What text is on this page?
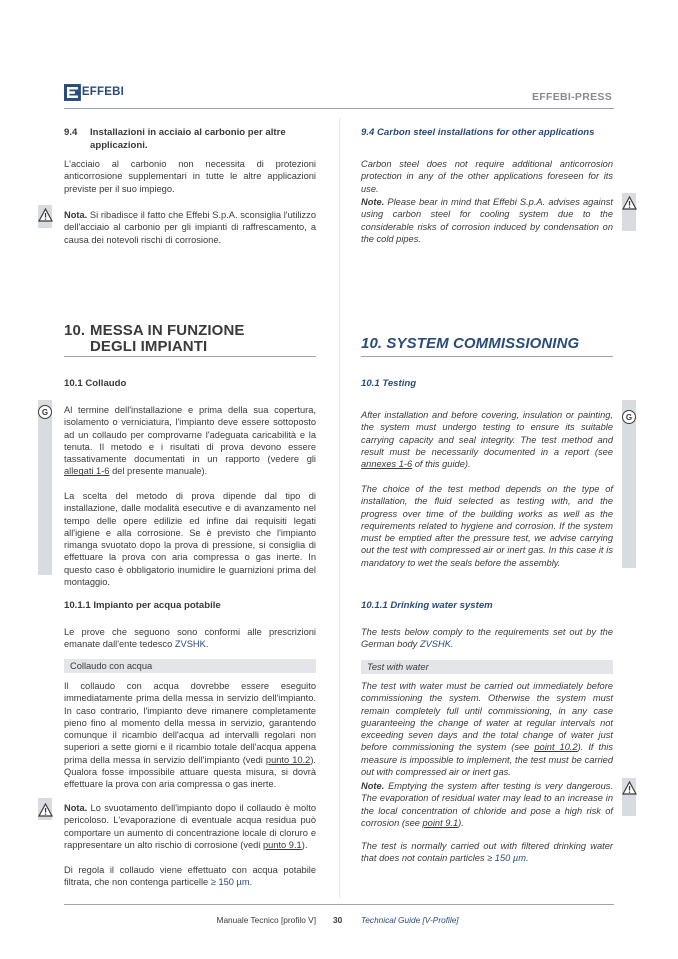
EFFEBI	EFFEBI-PRESS
9.4	Installazioni in acciaio al carbonio per altre applicazioni.

L'acciaio al carbonio non necessita di protezioni anticorrosione supplementari in tutte le altre applicazioni previste per il suo impiego.

Nota. Si ribadisce il fatto che Effebi S.p.A. sconsiglia l'utilizzo dell'acciaio al carbonio per gli impianti di raffrescamento, a causa dei notevoli rischi di corrosione.

10. MESSA IN FUNZIONE DEGLI IMPIANTI
10.1 Collaudo
G	Al termine dell'installazione e prima della sua copertura, isolamento o verniciatura, l'impianto deve essere sottoposto ad un collaudo per comprovarne l'adeguata caricabilità e la tenuta. Il metodo e i risultati di prova devono essere tassativamente documentati in un rapporto (vedere gli allegati 1-6 del presente manuale).

La scelta del metodo di prova dipende dal tipo di installazione, dalle modalità esecutive e di avanzamento nel tempo delle opere edilizie ed infine dai requisiti legati all'igiene e alla corrosione. Se è previsto che l'impianto rimanga svuotato dopo la prova di pressione, si consiglia di effettuare la prova con aria compressa o gas inerte. In questo caso è obbligatorio inumidire le guarnizioni prima del montaggio.

10.1.1 Impianto per acqua potabile

Le prove che seguono sono conformi alle prescrizioni emanate dall'ente tedesco ZVSHK.

Collaudo con acqua

Il collaudo con acqua dovrebbe essere eseguito immediatamente prima della messa in servizio dell'impianto. In caso contrario, l'impianto deve rimanere completamente pieno fino al momento della messa in servizio, garantendo comunque il ricambio dell'acqua ad intervalli regolari non superiori a sette giorni e il ricambio totale dell'acqua appena prima della messa in servizio dell'impianto (vedi punto 10.2). Qualora fosse impossibile attuare questa misura, si dovrà effettuare la prova con aria compressa o gas inerte.

Nota. Lo svuotamento dell'impianto dopo il collaudo è molto pericoloso. L'evaporazione di eventuale acqua residua può comportare un aumento di concentrazione locale di cloruro e rappresentare un alto rischio di corrosione (vedi punto 9.1).

Di regola il collaudo viene effettuato con acqua potabile filtrata, che non contenga particelle ≥ 150 µm.

9.4 Carbon steel installations for other applications

Carbon steel does not require additional anticorrosion protection in any of the other applications foreseen for its use.

Note. Please bear in mind that Effebi S.p.A. advises against using carbon steel for cooling system due to the considerable risks of corrosion induced by condensation on the cold pipes.

10. SYSTEM COMMISSIONING
10.1 Testing
G

After installation and before covering, insulation or painting, the system must undergo testing to ensure its suitable carrying capacity and seal integrity. The test method and result must be necessarily documented in a report (see annexes 1-6 of this guide).

The choice of the test method depends on the type of installation, the fluid selected as testing with, and the progress over time of the building works as well as the requirements related to hygiene and corrosion. If the system must be emptied after the pressure test, we advise carrying out the test with compressed air or inert gas. In this case it is mandatory to wet the seals before the assembly.

10.1.1 Drinking water system

The tests below comply to the requirements set out by the German body ZVSHK.

Test with water

The test with water must be carried out immediately before commissioning the system. Otherwise the system must remain completely full until commissioning, in any case guaranteeing the change of water at regular intervals not exceeding seven days and the total change of water just before commissioning the system (see point 10.2). If this measure is impossible to implement, the test must be carried out with compressed air or inert gas.

Note. Emptying the system after testing is very dangerous. The evaporation of residual water may lead to an increase in the local concentration of chloride and pose a high risk of corrosion (see point 9.1).

The test is normally carried out with filtered drinking water that does not contain particles ≥ 150 µm.

Manuale Tecnico [profilo V] 30 Technical Guide [V-Profile]
